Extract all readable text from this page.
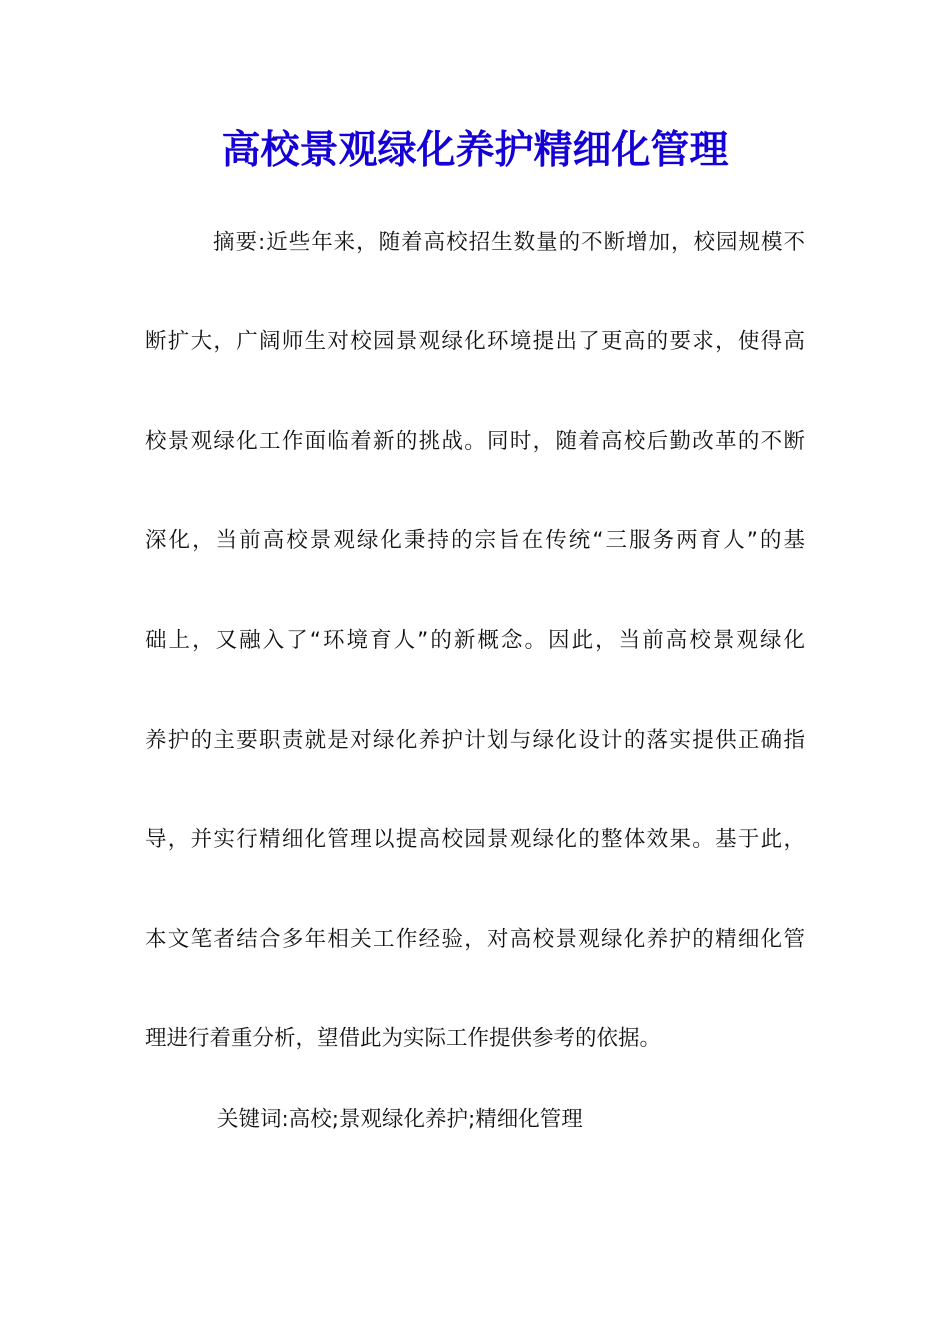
高校景观绿化养护精细化管理
摘要:近些年来，随着高校招生数量的不断增加，校园规模不
断扩大，广阔师生对校园景观绿化环境提出了更高的要求，使得高
校景观绿化工作面临着新的挑战。同时，随着高校后勤改革的不断
深化，当前高校景观绿化秉持的宗旨在传统“三服务两育人”的基
础上，又融入了“环境育人”的新概念。因此，当前高校景观绿化
养护的主要职责就是对绿化养护计划与绿化设计的落实提供正确指
导，并实行精细化管理以提高校园景观绿化的整体效果。基于此，
本文笔者结合多年相关工作经验，对高校景观绿化养护的精细化管
理进行着重分析，望借此为实际工作提供参考的依据。
关键词:高校;景观绿化养护;精细化管理
